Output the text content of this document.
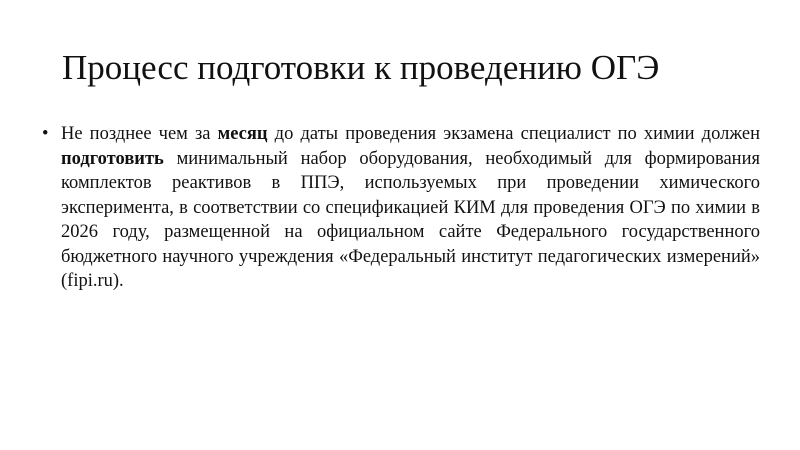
Процесс подготовки к проведению ОГЭ
• Не позднее чем за месяц до даты проведения экзамена специалист по химии должен подготовить минимальный набор оборудования, необходимый для формирования комплектов реактивов в ППЭ, используемых при проведении химического эксперимента, в соответствии со спецификацией КИМ для проведения ОГЭ по химии в 2026 году, размещенной на официальном сайте Федерального государственного бюджетного научного учреждения «Федеральный институт педагогических измерений» (fipi.ru).
